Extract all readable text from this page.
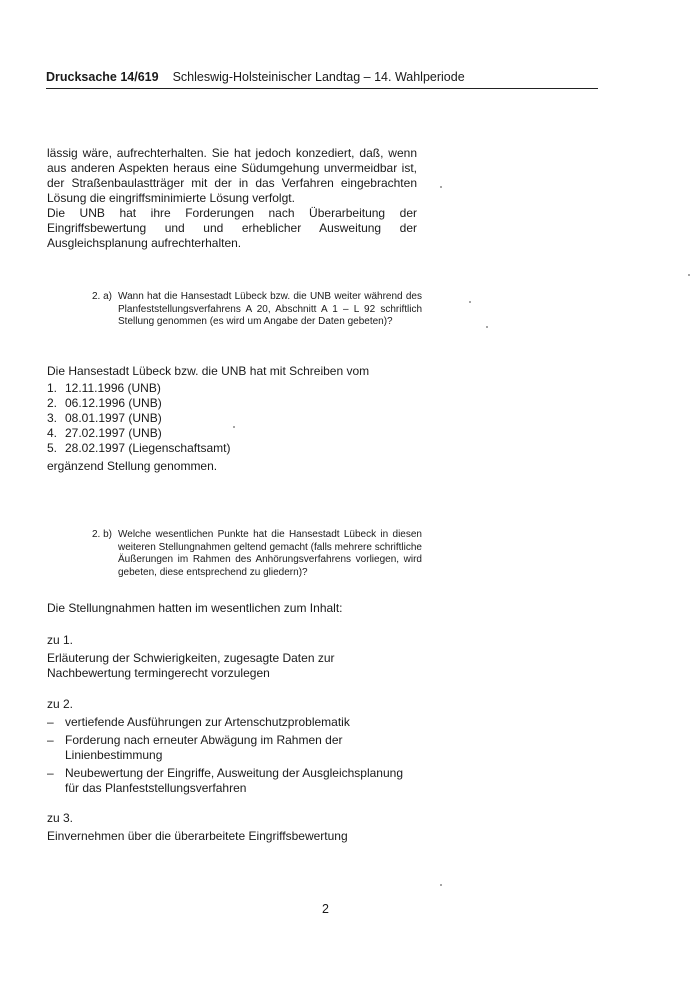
Drucksache 14/619 Schleswig-Holsteinischer Landtag – 14. Wahlperiode

lässig wäre, aufrechterhalten. Sie hat jedoch konzediert, daß, wenn aus anderen Aspekten heraus eine Südumgehung unvermeidbar ist, der Straßenbaulastträger mit der in das Verfahren eingebrachten Lösung die eingriffsminimierte Lösung verfolgt.

Die UNB hat ihre Forderungen nach Überarbeitung der Eingriffsbewertung und und erheblicher Ausweitung der Ausgleichsplanung aufrechterhalten.

2. a) Wann hat die Hansestadt Lübeck bzw. die UNB weiter während des Planfeststellungsverfahrens A 20, Abschnitt A 1 – L 92 schriftlich Stellung genommen (es wird um Angabe der Daten gebeten)?
Die Hansestadt Lübeck bzw. die UNB hat mit Schreiben vom
1. 12.11.1996 (UNB)
2. 06.12.1996 (UNB)
3. 08.01.1997 (UNB)
4. 27.02.1997 (UNB)
5. 28.02.1997 (Liegenschaftsamt)
ergänzend Stellung genommen.
2. b) Welche wesentlichen Punkte hat die Hansestadt Lübeck in diesen weiteren Stellungnahmen geltend gemacht (falls mehrere schriftliche Äußerungen im Rahmen des Anhörungsverfahrens vorliegen, wird gebeten, diese entsprechend zu gliedern)?
Die Stellungnahmen hatten im wesentlichen zum Inhalt:
zu 1.
Erläuterung der Schwierigkeiten, zugesagte Daten zur Nachbewertung termingerecht vorzulegen
zu 2.
– vertiefende Ausführungen zur Artenschutzproblematik
– Forderung nach erneuter Abwägung im Rahmen der Linienbestimmung
– Neubewertung der Eingriffe, Ausweitung der Ausgleichsplanung für das Planfeststellungsverfahren
zu 3.
Einvernehmen über die überarbeitete Eingriffsbewertung
2
